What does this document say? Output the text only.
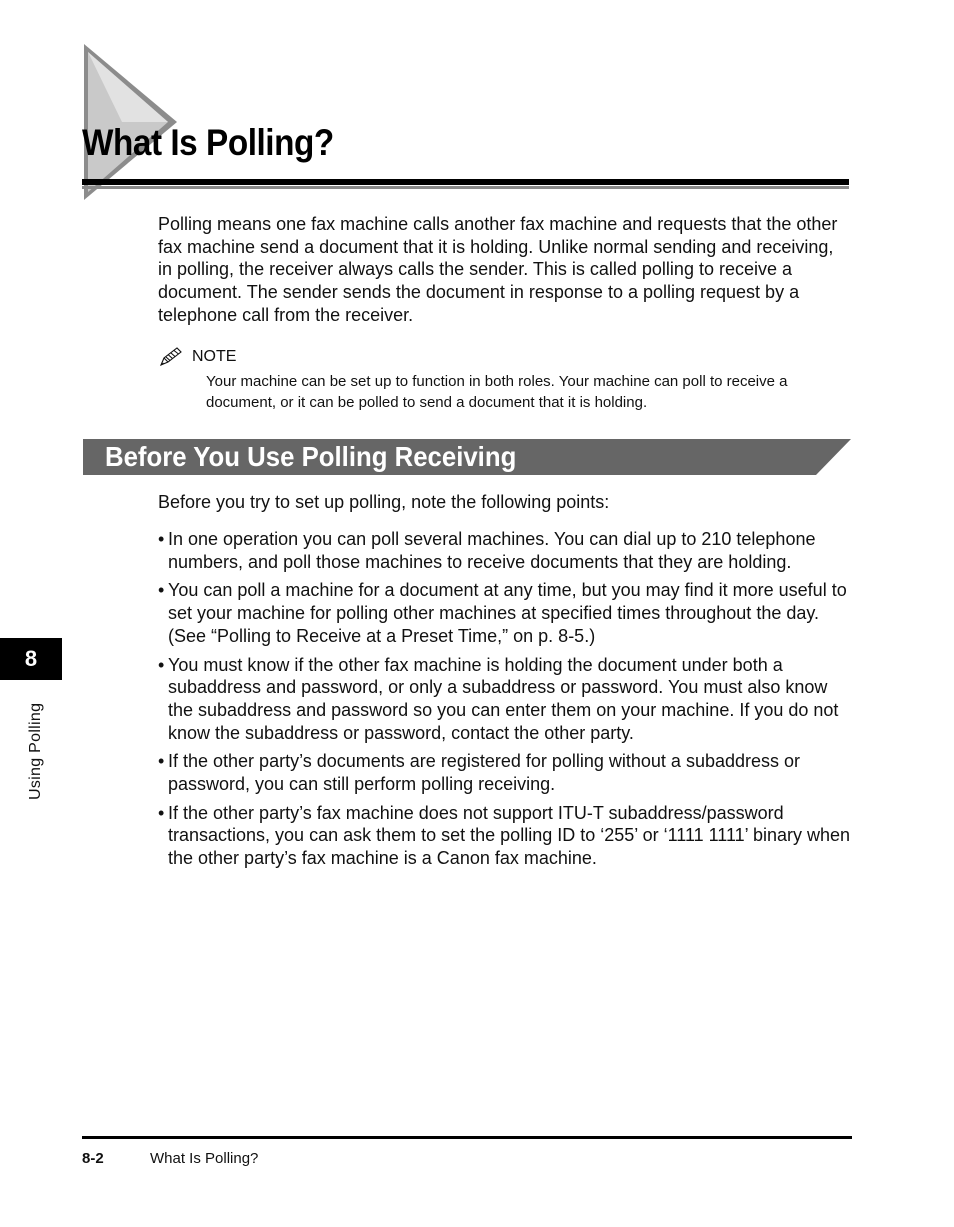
What Is Polling?

Polling means one fax machine calls another fax machine and requests that the other fax machine send a document that it is holding. Unlike normal sending and receiving, in polling, the receiver always calls the sender. This is called polling to receive a document. The sender sends the document in response to a polling request by a telephone call from the receiver.

NOTE

Your machine can be set up to function in both roles. Your machine can poll to receive a document, or it can be polled to send a document that it is holding.

Before You Use Polling Receiving

Before you try to set up polling, note the following points:

• In one operation you can poll several machines. You can dial up to 210 telephone numbers, and poll those machines to receive documents that they are holding.
• You can poll a machine for a document at any time, but you may find it more useful to set your machine for polling other machines at specified times throughout the day. (See “Polling to Receive at a Preset Time,” on p. 8-5.)
• You must know if the other fax machine is holding the document under both a subaddress and password, or only a subaddress or password. You must also know the subaddress and password so you can enter them on your machine. If you do not know the subaddress or password, contact the other party.
• If the other party’s documents are registered for polling without a subaddress or password, you can still perform polling receiving.
• If the other party’s fax machine does not support ITU-T subaddress/password transactions, you can ask them to set the polling ID to ‘255’ or ‘1111 1111’ binary when the other party’s fax machine is a Canon fax machine.
8
Using Polling
8-2	What Is Polling?
